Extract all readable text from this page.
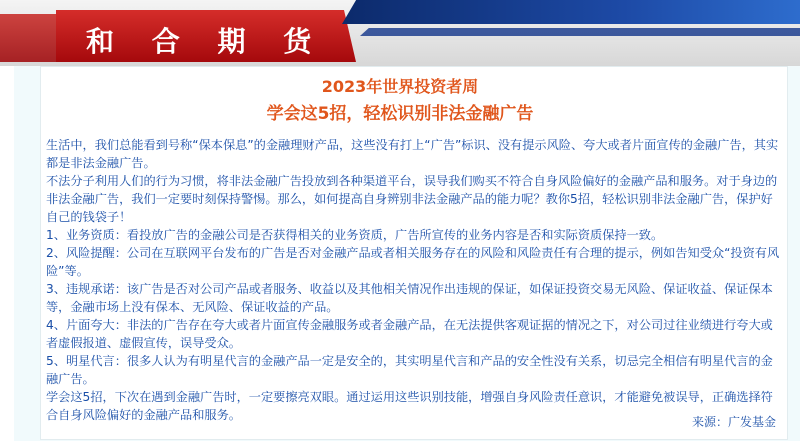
和 合 期 货
2023年世界投资者周
学会这5招，轻松识别非法金融广告

生活中，我们总能看到号称“保本保息”的金融理财产品，这些没有打上“广告”标识、没有提示风险、夸大或者片面宣传的金融广告，其实都是非法金融广告。

不法分子利用人们的行为习惯，将非法金融广告投放到各种渠道平台，误导我们购买不符合自身风险偏好的金融产品和服务。对于身边的非法金融广告，我们一定要时刻保持警惕。那么，如何提高自身辨别非法金融产品的能力呢？教你5招，轻松识别非法金融广告，保护好自己的钱袋子！

1、业务资质：看投放广告的金融公司是否获得相关的业务资质，广告所宣传的业务内容是否和实际资质保持一致。

2、风险提醒：公司在互联网平台发布的广告是否对金融产品或者相关服务存在的风险和风险责任有合理的提示，例如告知受众“投资有风险”等。

3、违规承诺：该广告是否对公司产品或者服务、收益以及其他相关情况作出违规的保证，如保证投资交易无风险、保证收益、保证保本等，金融市场上没有保本、无风险、保证收益的产品。

4、片面夸大：非法的广告存在夸大或者片面宣传金融服务或者金融产品，在无法提供客观证据的情况之下，对公司过往业绩进行夸大或者虚假报道、虚假宣传，误导受众。

5、明星代言：很多人认为有明星代言的金融产品一定是安全的，其实明星代言和产品的安全性没有关系，切忌完全相信有明星代言的金融广告。

学会这5招，下次在遇到金融广告时，一定要擦亮双眼。通过运用这些识别技能，增强自身风险责任意识，才能避免被误导，正确选择符合自身风险偏好的金融产品和服务。	来源：广发基金
